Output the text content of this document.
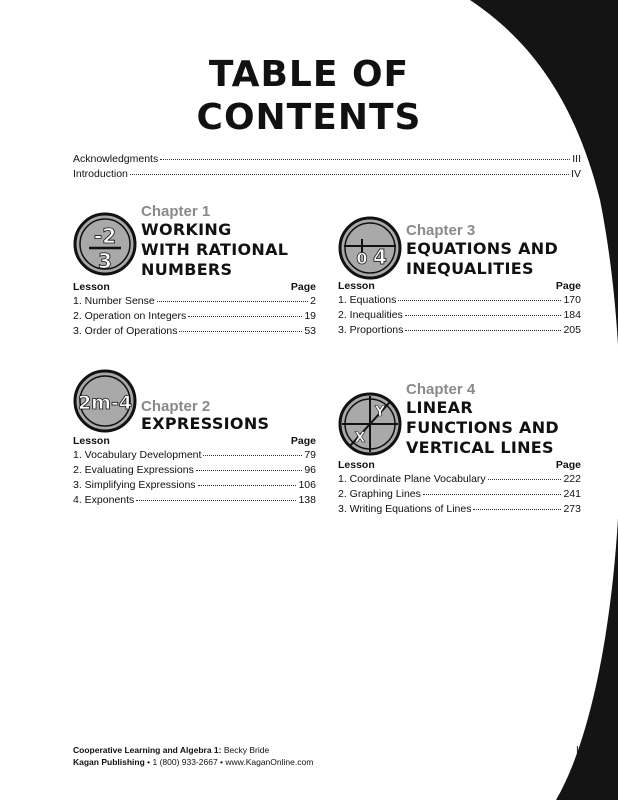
TABLE OF
CONTENTS
Acknowledgments	III
Introduction	IV
-2
3
Chapter 1
WORKING
WITH RATIONAL
NUMBERS
Lesson	Page
1. Number Sense	2
2. Operation on Integers	19
3. Order of Operations	53
2m-4 Chapter 2
EXPRESSIONS
Lesson	Page
1. Vocabulary Development	79
2. Evaluating Expressions	96
3. Simplifying Expressions	106
4. Exponents	138
0 4
Chapter 3
EQUATIONS AND
INEQUALITIES
Lesson	Page
1. Equations	170
2. Inequalities	184
3. Proportions	205
Y
X
Chapter 4
LINEAR
FUNCTIONS AND
VERTICAL LINES
Lesson	Page
1. Coordinate Plane Vocabulary	222
2. Graphing Lines	241
3. Writing Equations of Lines	273
Cooperative Learning and Algebra 1: Becky Bride
Kagan Publishing • 1 (800) 933-2667 • www.KaganOnline.com
I
